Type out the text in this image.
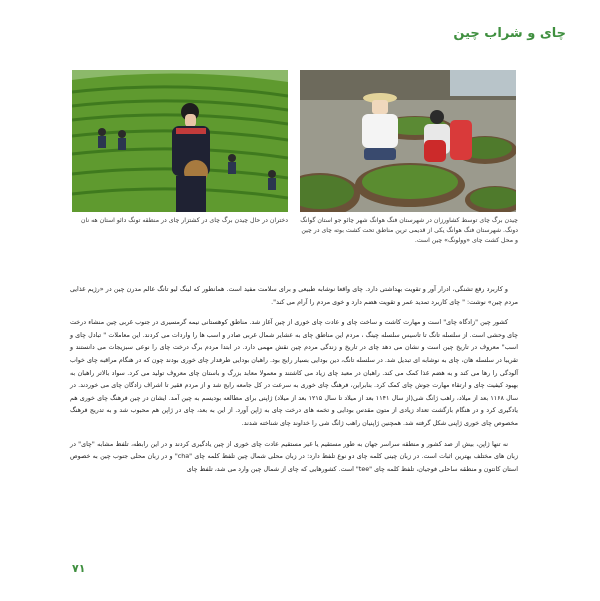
چای و شراب چین
چیدن برگ چای توسط کشاورزان در شهرستان فنگ هوانگ شهر چائو جو استان گوانگ دونگ. شهرستان فنگ هوانگ یکی از قدیمی ترین مناطق تحت کشت بوته چای در چین و محل کشت چای «وولونگ» چین است.
دختران در حال چیدن برگ چای در کشتزار چای در منطقه تونگ دائو استان هه نان

و کاربرد رفع تشنگی، ادرار آور و تقویت بهداشتی دارد. چای واقعا نوشابه طبیعی و برای سلامت مفید است. همانطور که لینگ لیو تانگ عالم مدرن چین در «رژیم غذایی مردم چین» نوشت: " چای کاربرد تمدید عمر و تقویت هضم دارد و خوی مردم را آرام می کند".

کشور چین "زادگاه چای" است و مهارت کاشت و ساخت چای و عادت چای خوری از چین آغاز شد. مناطق کوهستانی نیمه گرمسیری در جنوب غربی چین منشاء درخت چای وحشی است. از سلسله تانگ تا تاسیس سلسله چینگ ، مردم این مناطق چای به عشایر شمال غربی صادر و اسب ها را واردات می کردند. این معاملات " تبادل چای و اسب" معروف در تاریخ چین است و نشان می دهد چای در تاریخ و زندگی مردم چین نقش مهمی دارد. در ابتدا مردم برگ درخت چای را نوعی سبزیجات می دانستند و تقریبا در سلسله هان، چای به نوشابه ای تبدیل شد. در سلسله تانگ، دین بودایی بسیار رایج بود. راهبان بودایی طرفدار چای خوری بودند چون که در هنگام مراقبه چای خواب آلودگی را رها می کند و به هضم غذا کمک می کند. راهبان در معبد چای زیاد می کاشتند و معمولا معابد بزرگ و باستان چای معروف تولید می کرد. سواد بالاتر راهبان به بهبود کیفیت چای و ارتقاء مهارت جوش چای کمک کرد. بنابراین، فرهنگ چای خوری به سرعت در کل جامعه رایج شد و از مردم فقیر تا اشراف زادگان چای می خوردند. در سال ۱۱۶۸ بعد از میلاد، راهب ژانگ شی(از سال ۱۱۴۱ بعد از میلاد تا سال ۱۲۱۵ بعد از میلاد) ژاپنی برای مطالعه بودیسم به چین آمد. ایشان در چین فرهنگ چای خوری هم یادگیری کرد و در هنگام بازگشت تعداد زیادی از متون مقدس بودایی و تخمه های درخت چای به ژاپن آورد. از این به بعد، چای در ژاپن هم محبوب شد و به تدریج فرهنگ مخصوص چای خوری ژاپنی شکل گرفته شد. همچنین ژاپنیان راهب ژانگ شی را خداوند چای شناخته شدند.

نه تنها ژاپن، بیش از صد کشور و منطقه سراسر جهان به طور مستقیم یا غیر مستقیم عادت چای خوری از چین یادگیری کردند و در این رابطه، تلفظ مشابه "چای" در زبان های مختلف بهترین اثبات است. در زبان چینی کلمه چای دو نوع تلفظ دارد: در زبان محلی شمال چین تلفظ کلمه چای "cha" و در زبان محلی جنوب چین به خصوص استان کانتون و منطقه ساحلی فوجیان، تلفظ کلمه چای "tee" است. کشورهایی که چای از شمال چین وارد می شد، تلفظ چای

٧١
